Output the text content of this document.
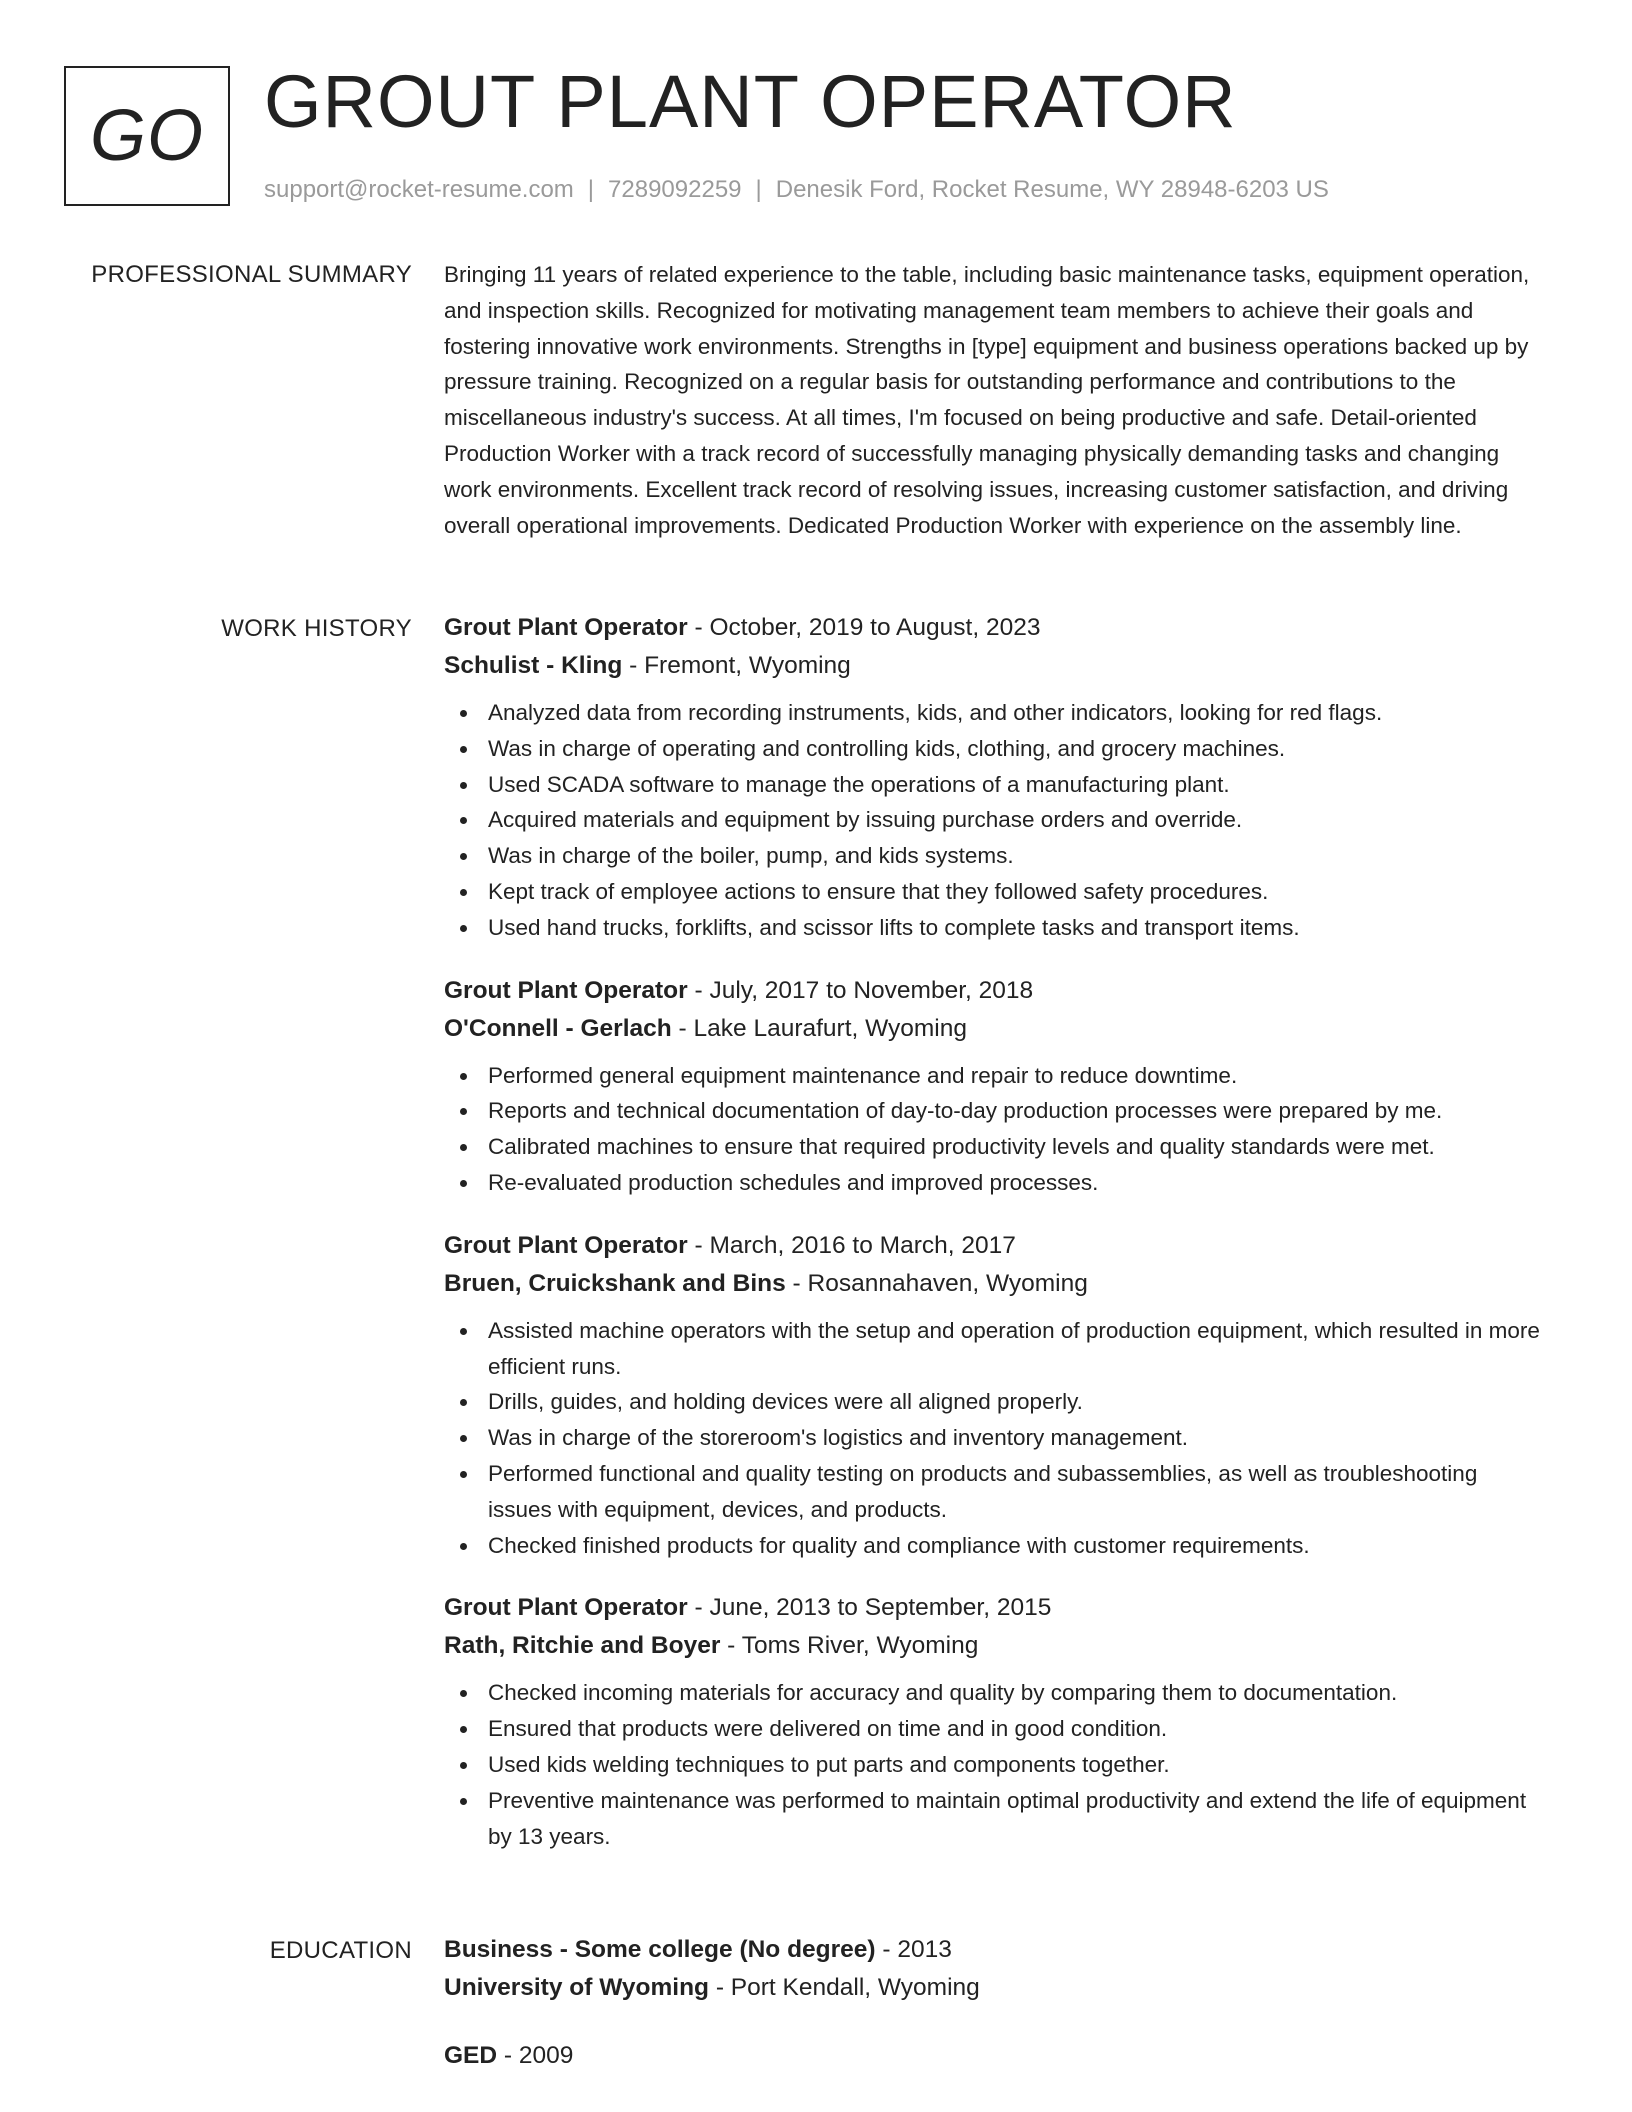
GO GROUT PLANT OPERATOR
support@rocket-resume.com | 7289092259 | Denesik Ford, Rocket Resume, WY 28948-6203 US
PROFESSIONAL SUMMARY Bringing 11 years of related experience to the table, including basic maintenance tasks, equipment operation, and inspection skills. Recognized for motivating management team members to achieve their goals and fostering innovative work environments. Strengths in [type] equipment and business operations backed up by pressure training. Recognized on a regular basis for outstanding performance and contributions to the miscellaneous industry's success. At all times, I'm focused on being productive and safe. Detail-oriented Production Worker with a track record of successfully managing physically demanding tasks and changing work environments. Excellent track record of resolving issues, increasing customer satisfaction, and driving overall operational improvements. Dedicated Production Worker with experience on the assembly line.

WORK HISTORY Grout Plant Operator - October, 2019 to August, 2023
Schulist - Kling - Fremont, Wyoming
Analyzed data from recording instruments, kids, and other indicators, looking for red flags.
Was in charge of operating and controlling kids, clothing, and grocery machines.
Used SCADA software to manage the operations of a manufacturing plant.
Acquired materials and equipment by issuing purchase orders and override.
Was in charge of the boiler, pump, and kids systems.
Kept track of employee actions to ensure that they followed safety procedures.
Used hand trucks, forklifts, and scissor lifts to complete tasks and transport items.
Grout Plant Operator - July, 2017 to November, 2018
O'Connell - Gerlach - Lake Laurafurt, Wyoming
Performed general equipment maintenance and repair to reduce downtime.
Reports and technical documentation of day-to-day production processes were prepared by me.
Calibrated machines to ensure that required productivity levels and quality standards were met.
Re-evaluated production schedules and improved processes.
Grout Plant Operator - March, 2016 to March, 2017
Bruen, Cruickshank and Bins - Rosannahaven, Wyoming
Assisted machine operators with the setup and operation of production equipment, which resulted in more efficient runs.
Drills, guides, and holding devices were all aligned properly.
Was in charge of the storeroom's logistics and inventory management.
Performed functional and quality testing on products and subassemblies, as well as troubleshooting issues with equipment, devices, and products.
Checked finished products for quality and compliance with customer requirements.
Grout Plant Operator - June, 2013 to September, 2015
Rath, Ritchie and Boyer - Toms River, Wyoming
Checked incoming materials for accuracy and quality by comparing them to documentation.
Ensured that products were delivered on time and in good condition.
Used kids welding techniques to put parts and components together.
Preventive maintenance was performed to maintain optimal productivity and extend the life of equipment by 13 years.
EDUCATION Business - Some college (No degree) - 2013
University of Wyoming - Port Kendall, Wyoming
GED - 2009
